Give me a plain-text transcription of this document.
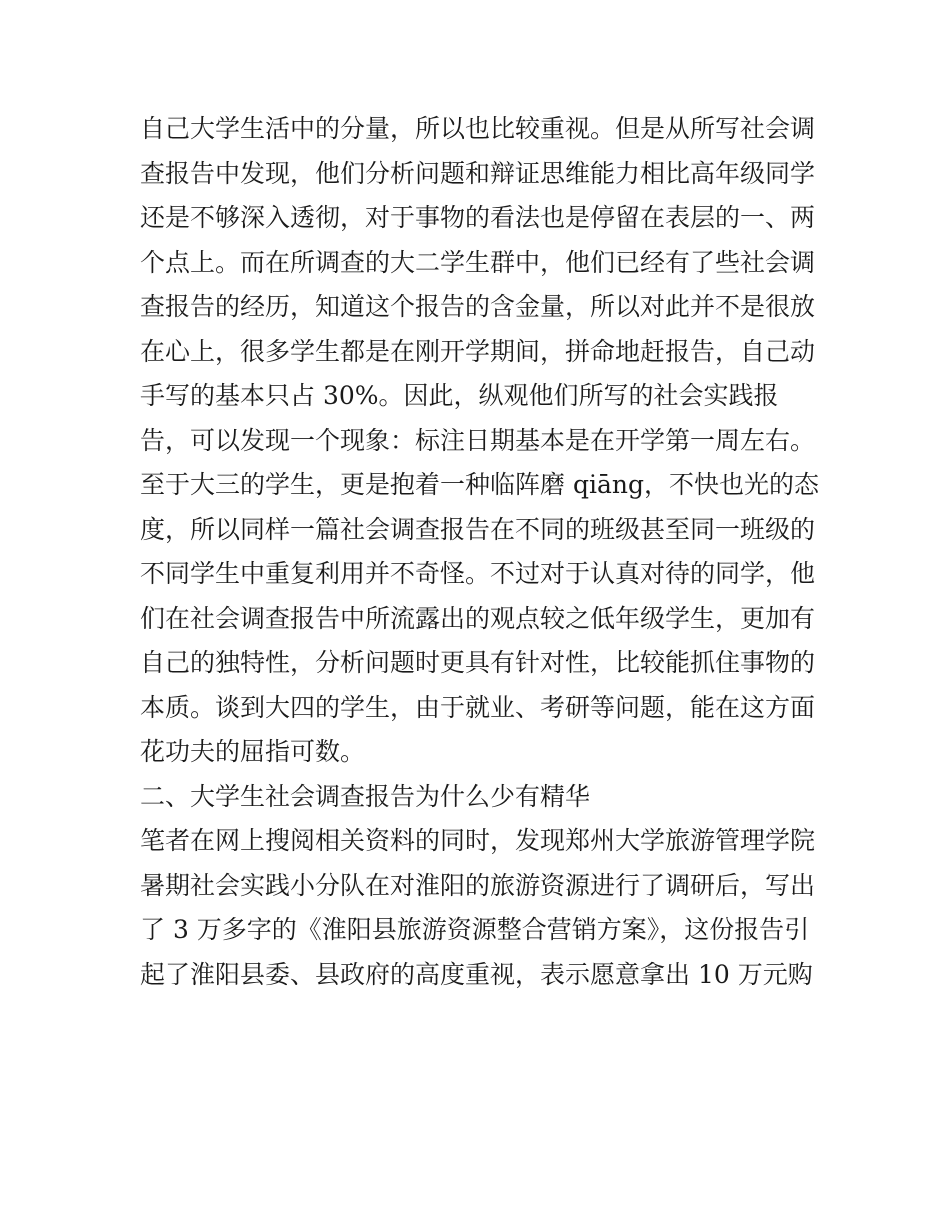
自己大学生活中的分量，所以也比较重视。但是从所写社会调
查报告中发现，他们分析问题和辩证思维能力相比高年级同学
还是不够深入透彻，对于事物的看法也是停留在表层的一、两
个点上。而在所调查的大二学生群中，他们已经有了些社会调
查报告的经历，知道这个报告的含金量，所以对此并不是很放
在心上，很多学生都是在刚开学期间，拼命地赶报告，自己动
手写的基本只占 30%。因此，纵观他们所写的社会实践报
告，可以发现一个现象：标注日期基本是在开学第一周左右。
至于大三的学生，更是抱着一种临阵磨 qiāng，不快也光的态
度，所以同样一篇社会调查报告在不同的班级甚至同一班级的
不同学生中重复利用并不奇怪。不过对于认真对待的同学，他
们在社会调查报告中所流露出的观点较之低年级学生，更加有
自己的独特性，分析问题时更具有针对性，比较能抓住事物的
本质。谈到大四的学生，由于就业、考研等问题，能在这方面
花功夫的屈指可数。
二、大学生社会调查报告为什么少有精华
笔者在网上搜阅相关资料的同时，发现郑州大学旅游管理学院
暑期社会实践小分队在对淮阳的旅游资源进行了调研后，写出
了 3 万多字的《淮阳县旅游资源整合营销方案》，这份报告引
起了淮阳县委、县政府的高度重视，表示愿意拿出 10 万元购
